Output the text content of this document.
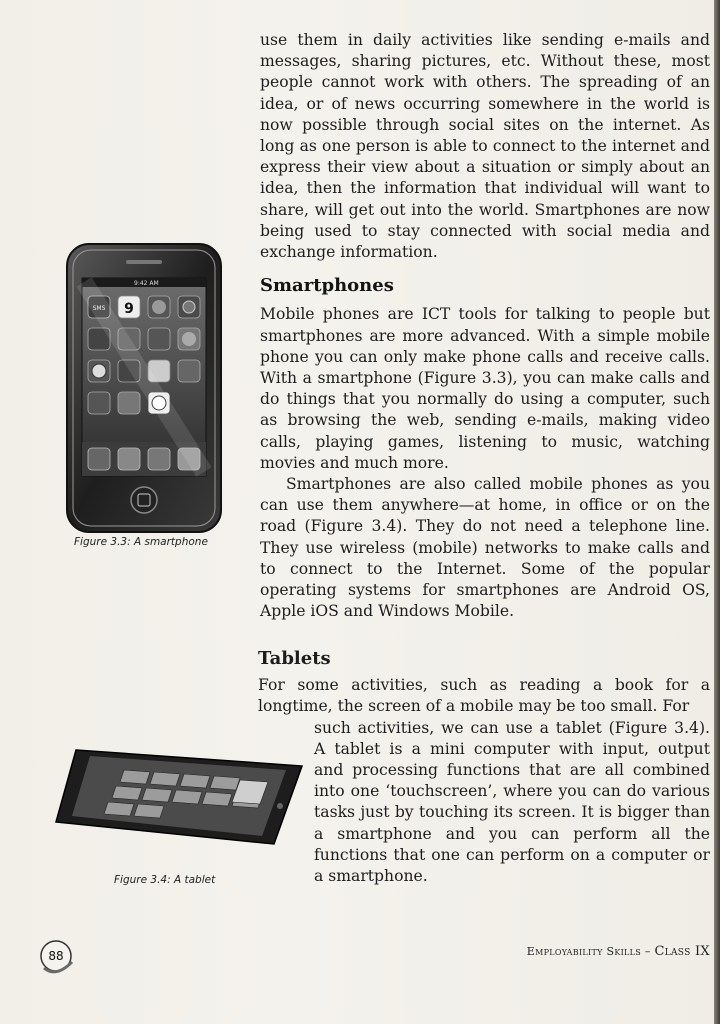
use them in daily activities like sending e-mails and messages, sharing pictures, etc. Without these, most people cannot work with others. The spreading of an idea, or of news occurring somewhere in the world is now possible through social sites on the internet. As long as one person is able to connect to the internet and express their view about a situation or simply about an idea, then the information that individual will want to share, will get out into the world. Smartphones are now being used to stay connected with social media and exchange information.

Smartphones

Mobile phones are ICT tools for talking to people but smartphones are more advanced. With a simple mobile phone you can only make phone calls and receive calls. With a smartphone (Figure 3.3), you can make calls and do things that you normally do using a computer, such as browsing the web, sending e-mails, making video calls, playing games, listening to music, watching movies and much more.

Smartphones are also called mobile phones as you can use them anywhere—at home, in office or on the road (Figure 3.4). They do not need a telephone line. They use wireless (mobile) networks to make calls and to connect to the Internet. Some of the popular operating systems for smartphones are Android OS, Apple iOS and Windows Mobile.

Tablets

For some activities, such as reading a book for a longtime, the screen of a mobile may be too small. For

such activities, we can use a tablet (Figure 3.4). A tablet is a mini computer with input, output and processing functions that are all combined into one ‘touchscreen’, where you can do various tasks just by touching its screen. It is bigger than a smartphone and you can perform all the functions that one can perform on a computer or a smartphone.

9:42 AM
9
Figure 3.3: A smartphone
Figure 3.4: A tablet
88	Employability Skills – Class IX
